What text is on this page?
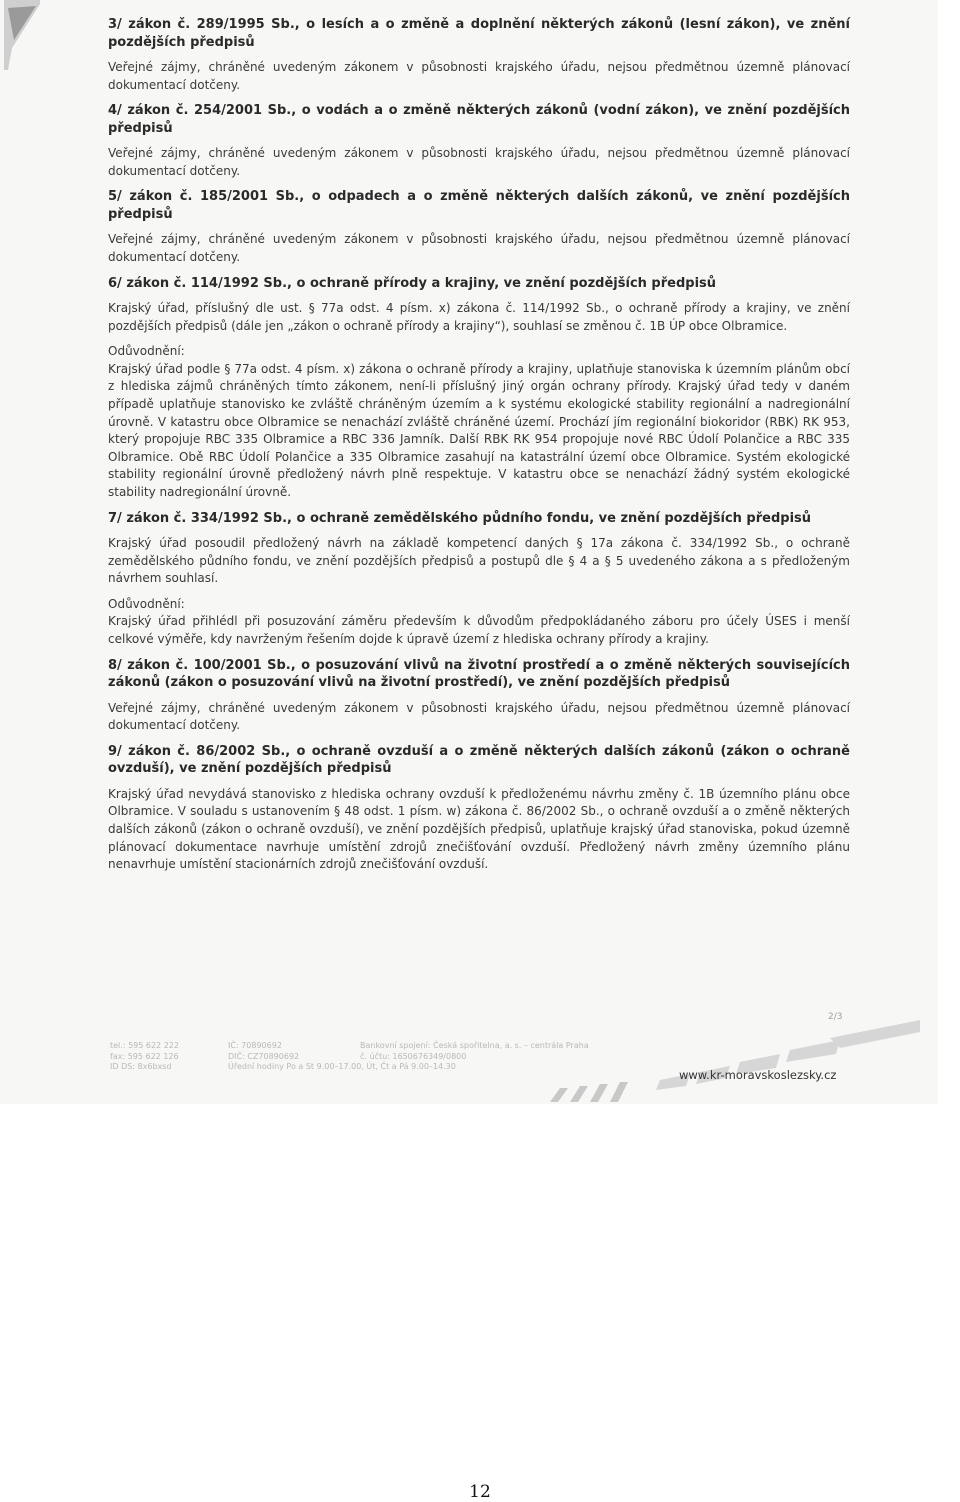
3/ zákon č. 289/1995 Sb., o lesích a o změně a doplnění některých zákonů (lesní zákon), ve znění pozdějších předpisů
Veřejné zájmy, chráněné uvedeným zákonem v působnosti krajského úřadu, nejsou předmětnou územně plánovací dokumentací dotčeny.
4/ zákon č. 254/2001 Sb., o vodách a o změně některých zákonů (vodní zákon), ve znění pozdějších předpisů
Veřejné zájmy, chráněné uvedeným zákonem v působnosti krajského úřadu, nejsou předmětnou územně plánovací dokumentací dotčeny.
5/ zákon č. 185/2001 Sb., o odpadech a o změně některých dalších zákonů, ve znění pozdějších předpisů
Veřejné zájmy, chráněné uvedeným zákonem v působnosti krajského úřadu, nejsou předmětnou územně plánovací dokumentací dotčeny.
6/ zákon č. 114/1992 Sb., o ochraně přírody a krajiny, ve znění pozdějších předpisů
Krajský úřad, příslušný dle ust. § 77a odst. 4 písm. x) zákona č. 114/1992 Sb., o ochraně přírody a krajiny, ve znění pozdějších předpisů (dále jen „zákon o ochraně přírody a krajiny“), souhlasí se změnou č. 1B ÚP obce Olbramice.
Odůvodnění:
Krajský úřad podle § 77a odst. 4 písm. x) zákona o ochraně přírody a krajiny, uplatňuje stanoviska k územním plánům obcí z hlediska zájmů chráněných tímto zákonem, není-li příslušný jiný orgán ochrany přírody. Krajský úřad tedy v daném případě uplatňuje stanovisko ke zvláště chráněným územím a k systému ekologické stability regionální a nadregionální úrovně. V katastru obce Olbramice se nenachází zvláště chráněné území. Prochází jím regionální biokoridor (RBK) RK 953, který propojuje RBC 335 Olbramice a RBC 336 Jamník. Další RBK RK 954 propojuje nové RBC Údolí Polančice a RBC 335 Olbramice. Obě RBC Údolí Polančice a 335 Olbramice zasahují na katastrální území obce Olbramice. Systém ekologické stability regionální úrovně předložený návrh plně respektuje. V katastru obce se nenachází žádný systém ekologické stability nadregionální úrovně.
7/ zákon č. 334/1992 Sb., o ochraně zemědělského půdního fondu, ve znění pozdějších předpisů
Krajský úřad posoudil předložený návrh na základě kompetencí daných § 17a zákona č. 334/1992 Sb., o ochraně zemědělského půdního fondu, ve znění pozdějších předpisů a postupů dle § 4 a § 5 uvedeného zákona a s předloženým návrhem souhlasí.
Odůvodnění:
Krajský úřad přihlédl při posuzování záměru především k důvodům předpokládaného záboru pro účely ÚSES i menší celkové výměře, kdy navrženým řešením dojde k úpravě území z hlediska ochrany přírody a krajiny.
8/ zákon č. 100/2001 Sb., o posuzování vlivů na životní prostředí a o změně některých souvisejících zákonů (zákon o posuzování vlivů na životní prostředí), ve znění pozdějších předpisů
Veřejné zájmy, chráněné uvedeným zákonem v působnosti krajského úřadu, nejsou předmětnou územně plánovací dokumentací dotčeny.
9/ zákon č. 86/2002 Sb., o ochraně ovzduší a o změně některých dalších zákonů (zákon o ochraně ovzduší), ve znění pozdějších předpisů
Krajský úřad nevydává stanovisko z hlediska ochrany ovzduší k předloženému návrhu změny č. 1B územního plánu obce Olbramice. V souladu s ustanovením § 48 odst. 1 písm. w) zákona č. 86/2002 Sb., o ochraně ovzduší a o změně některých dalších zákonů (zákon o ochraně ovzduší), ve znění pozdějších předpisů, uplatňuje krajský úřad stanoviska, pokud územně plánovací dokumentace navrhuje umístění zdrojů znečišťování ovzduší. Předložený návrh změny územního plánu nenavrhuje umístění stacionárních zdrojů znečišťování ovzduší.
2/3
tel.: 595 622 222
fax: 595 622 126
ID DS: 8x6bxsd
IČ: 70890692
DIČ: CZ70890692
Úřední hodiny Po a St 9.00–17.00, Út, Čt a Pá 9.00–14.30
Bankovní spojení: Česká spořitelna, a. s. – centrála Praha
č. účtu: 1650676349/0800
www.kr-moravskoslezsky.cz
12
